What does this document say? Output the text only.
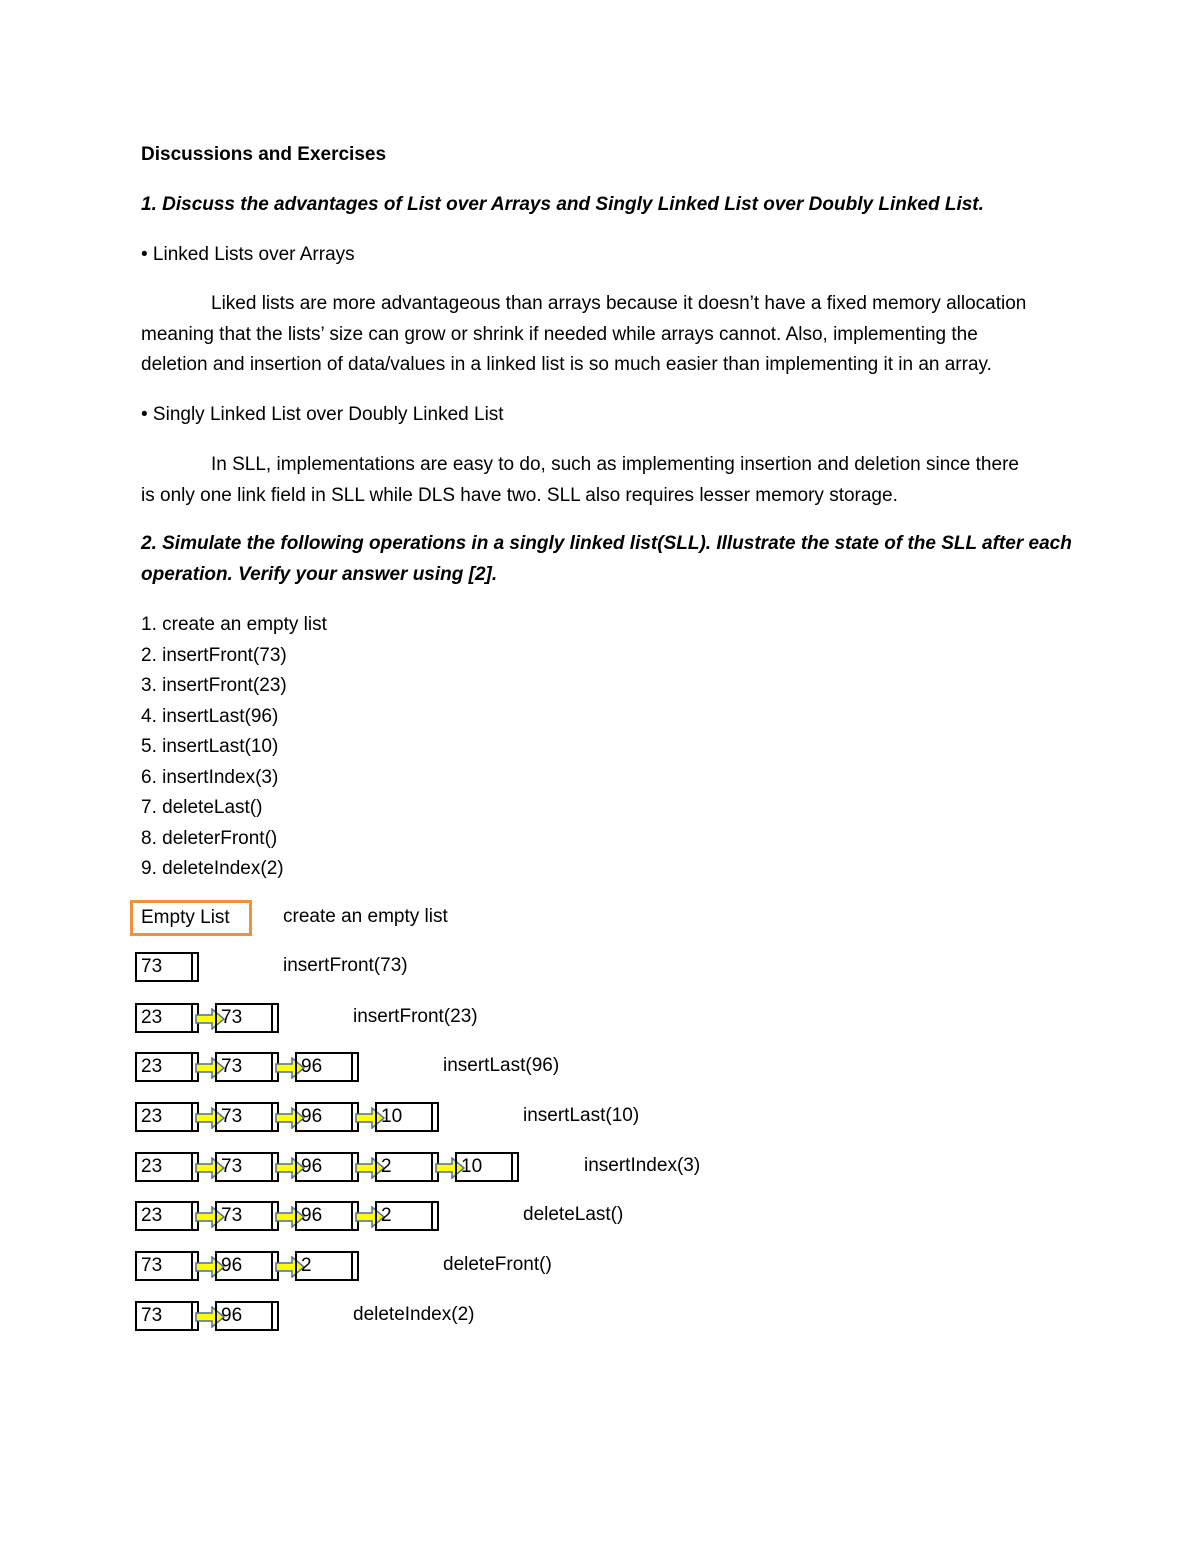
Discussions and Exercises
1. Discuss the advantages of List over Arrays and Singly Linked List over Doubly Linked List.
• Linked Lists over Arrays
Liked lists are more advantageous than arrays because it doesn’t have a fixed memory allocation
meaning that the lists’ size can grow or shrink if needed while arrays cannot. Also, implementing the
deletion and insertion of data/values in a linked list is so much easier than implementing it in an array.
• Singly Linked List over Doubly Linked List
In SLL, implementations are easy to do, such as implementing insertion and deletion since there
is only one link field in SLL while DLS have two. SLL also requires lesser memory storage.
2. Simulate the following operations in a singly linked list(SLL). Illustrate the state of the SLL after each
operation. Verify your answer using [2].
1. create an empty list
2. insertFront(73)
3. insertFront(23)
4. insertLast(96)
5. insertLast(10)
6. insertIndex(3)
7. deleteLast()
8. deleterFront()
9. deleteIndex(2)
Empty List	create an empty list
73	insertFront(73)
23	73	insertFront(23)
23	73	96	insertLast(96)
23	73	96	10	insertLast(10)
23	73	96	2	10	insertIndex(3)
23	73	96	2	deleteLast()
73	96	2	deleteFront()
73	96	deleteIndex(2)
